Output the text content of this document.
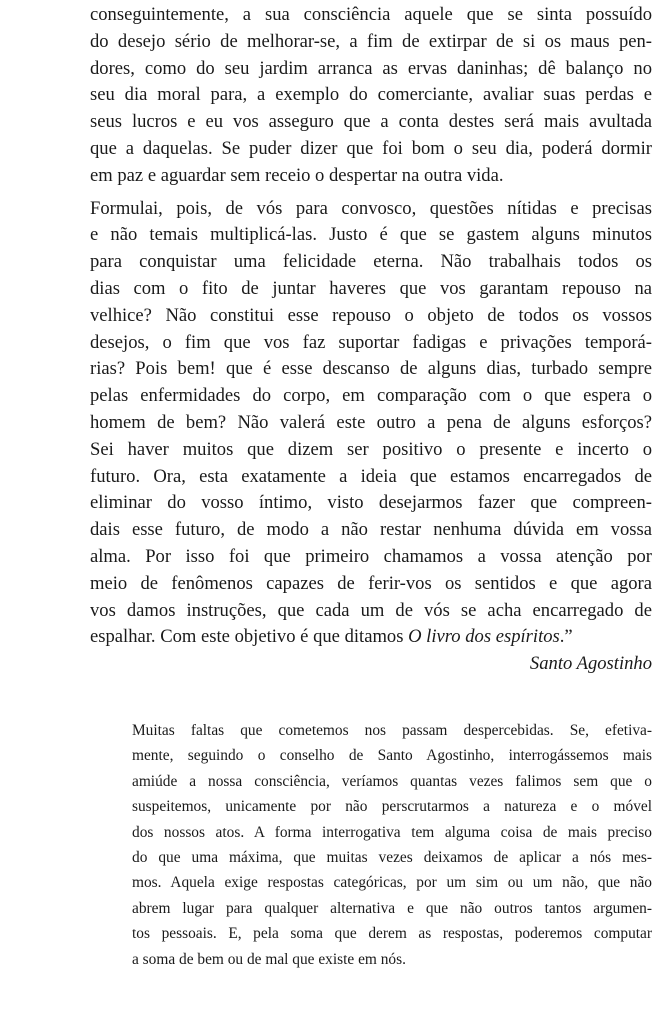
conseguintemente, a sua consciência aquele que se sinta possuído
do desejo sério de melhorar-se, a fim de extirpar de si os maus pen-
dores, como do seu jardim arranca as ervas daninhas; dê balanço no
seu dia moral para, a exemplo do comerciante, avaliar suas perdas e
seus lucros e eu vos asseguro que a conta destes será mais avultada
que a daquelas. Se puder dizer que foi bom o seu dia, poderá dormir
em paz e aguardar sem receio o despertar na outra vida.

Formulai, pois, de vós para convosco, questões nítidas e precisas
e não temais multiplicá-las. Justo é que se gastem alguns minutos
para conquistar uma felicidade eterna. Não trabalhais todos os
dias com o fito de juntar haveres que vos garantam repouso na
velhice? Não constitui esse repouso o objeto de todos os vossos
desejos, o fim que vos faz suportar fadigas e privações temporá-
rias? Pois bem! que é esse descanso de alguns dias, turbado sempre
pelas enfermidades do corpo, em comparação com o que espera o
homem de bem? Não valerá este outro a pena de alguns esforços?
Sei haver muitos que dizem ser positivo o presente e incerto o
futuro. Ora, esta exatamente a ideia que estamos encarregados de
eliminar do vosso íntimo, visto desejarmos fazer que compreen-
dais esse futuro, de modo a não restar nenhuma dúvida em vossa
alma. Por isso foi que primeiro chamamos a vossa atenção por
meio de fenômenos capazes de ferir-vos os sentidos e que agora
vos damos instruções, que cada um de vós se acha encarregado de
espalhar. Com este objetivo é que ditamos O livro dos espíritos.”

Santo Agostinho
Muitas faltas que cometemos nos passam despercebidas. Se, efetiva-
mente, seguindo o conselho de Santo Agostinho, interrogássemos mais
amiúde a nossa consciência, veríamos quantas vezes falimos sem que o
suspeitemos, unicamente por não perscrutarmos a natureza e o móvel
dos nossos atos. A forma interrogativa tem alguma coisa de mais preciso
do que uma máxima, que muitas vezes deixamos de aplicar a nós mes-
mos. Aquela exige respostas categóricas, por um sim ou um não, que não
abrem lugar para qualquer alternativa e que não outros tantos argumen-
tos pessoais. E, pela soma que derem as respostas, poderemos computar
a soma de bem ou de mal que existe em nós.
